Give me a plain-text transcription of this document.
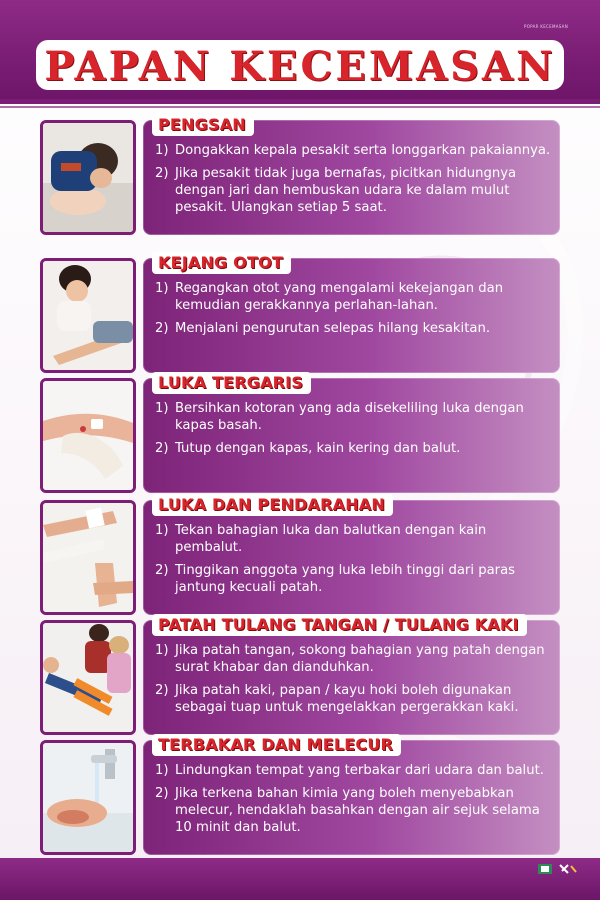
POPAR KECEMASAN
PAPAN KECEMASAN
PENGSAN
1) Dongakkan kepala pesakit serta longgarkan pakaiannya.
2) Jika pesakit tidak juga bernafas, picitkan hidungnya dengan jari dan hembuskan udara ke dalam mulut pesakit. Ulangkan setiap 5 saat.
KEJANG OTOT
1) Regangkan otot yang mengalami kekejangan dan kemudian gerakkannya perlahan-lahan.
2) Menjalani pengurutan selepas hilang kesakitan.
LUKA TERGARIS
1) Bersihkan kotoran yang ada disekeliling luka dengan kapas basah.
2) Tutup dengan kapas, kain kering dan balut.
LUKA DAN PENDARAHAN
1) Tekan bahagian luka dan balutkan dengan kain pembalut.
2) Tinggikan anggota yang luka lebih tinggi dari paras jantung kecuali patah.
PATAH TULANG TANGAN / TULANG KAKI
1) Jika patah tangan, sokong bahagian yang patah dengan surat khabar dan dianduhkan.
2) Jika patah kaki, papan / kayu hoki boleh digunakan sebagai tuap untuk mengelakkan pergerakkan kaki.
TERBAKAR DAN MELECUR
1) Lindungkan tempat yang terbakar dari udara dan balut.
2) Jika terkena bahan kimia yang boleh menyebabkan melecur, hendaklah basahkan dengan air sejuk selama 10 minit dan balut.
